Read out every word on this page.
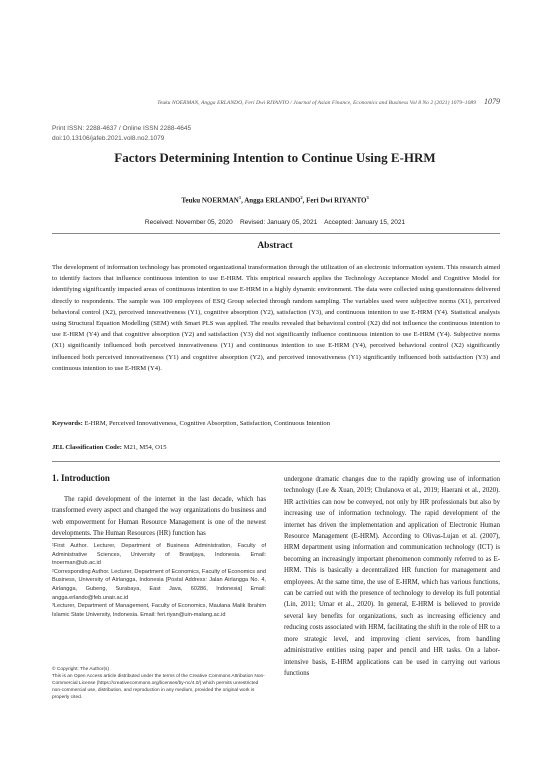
Teuku NOERMAN, Angga ERLANDO, Feri Dwi RIYANTO / Journal of Asian Finance, Economics and Business Vol 8 No 2 (2021) 1079–1089 1079
Print ISSN: 2288-4637 / Online ISSN 2288-4645
doi:10.13106/jafeb.2021.vol8.no2.1079
Factors Determining Intention to Continue Using E-HRM
Teuku NOERMAN$^1$, Angga ERLANDO$^2$, Feri Dwi RIYANTO$^3$
Received: November 05, 2020 Revised: January 05, 2021 Accepted: January 15, 2021
Abstract
The development of information technology has promoted organizational transformation through the utilization of an electronic information system. This research aimed to identify factors that influence continuous intention to use E-HRM. This empirical research applies the Technology Acceptance Model and Cognitive Model for identifying significantly impacted areas of continuous intention to use E-HRM in a highly dynamic environment. The data were collected using questionnaires delivered directly to respondents. The sample was 100 employees of ESQ Group selected through random sampling. The variables used were subjective norms (X1), perceived behavioral control (X2), perceived innovativeness (Y1), cognitive absorption (Y2), satisfaction (Y3), and continuous intention to use E-HRM (Y4). Statistical analysis using Structural Equation Modelling (SEM) with Smart PLS was applied. The results revealed that behavioral control (X2) did not influence the continuous intention to use E-HRM (Y4) and that cognitive absorption (Y2) and satisfaction (Y3) did not significantly influence continuous intention to use E-HRM (Y4). Subjective norms (X1) significantly influenced both perceived innovativeness (Y1) and continuous intention to use E-HRM (Y4), perceived behavioral control (X2) significantly influenced both perceived innovativeness (Y1) and cognitive absorption (Y2), and perceived innovativeness (Y1) significantly influenced both satisfaction (Y3) and continuous intention to use E-HRM (Y4).
Keywords: E-HRM, Perceived Innovativeness, Cognitive Absorption, Satisfaction, Continuous Intention
JEL Classification Code: M21, M54, O15
1. Introduction
The rapid development of the internet in the last decade, which has transformed every aspect and changed the way organizations do business and web empowerment for Human Resource Management is one of the newest developments. The Human Resources (HR) function has
undergone dramatic changes due to the rapidly growing use of information technology (Lee & Xuan, 2019; Chulanova et al., 2019; Haerani et al., 2020). HR activities can now be conveyed, not only by HR professionals but also by increasing use of information technology. The rapid development of the internet has driven the implementation and application of Electronic Human Resource Management (E-HRM). According to Olivas-Lujan et al. (2007), HRM department using information and communication technology (ICT) is becoming an increasingly important phenomenon commonly referred to as E-HRM. This is basically a decentralized HR function for management and employees. At the same time, the use of E-HRM, which has various functions, can be carried out with the presence of technology to develop its full potential (Lin, 2011; Umar et al., 2020). In general, E-HRM is believed to provide several key benefits for organizations, such as increasing efficiency and reducing costs associated with HRM, facilitating the shift in the role of HR to a more strategic level, and improving client services, from handling administrative entities using paper and pencil and HR tasks. On a labor-intensive basis, E-HRM applications can be used in carrying out various functions

¹First Author. Lecturer, Department of Business Administration, Faculty of Administrative Sciences, University of Brawijaya, Indonesia. Email: tnoerman@ub.ac.id

²Corresponding Author. Lecturer, Department of Economics, Faculty of Economics and Business, University of Airlangga, Indonesia [Postal Address: Jalan Airlangga No. 4, Airlangga, Gubeng, Surabaya, East Java, 60286, Indonesia] Email: angga.erlando@feb.unair.ac.id

³Lecturer, Department of Management, Faculty of Economics, Maulana Malik Ibrahim Islamic State University, Indonesia. Email: feri.riyan@uin-malang.ac.id

© Copyright: The Author(s)

This is an Open Access article distributed under the terms of the Creative Commons Attribution Non-Commercial License (https://creativecommons.org/licenses/by-nc/4.0/) which permits unrestricted non-commercial use, distribution, and reproduction in any medium, provided the original work is properly cited.
